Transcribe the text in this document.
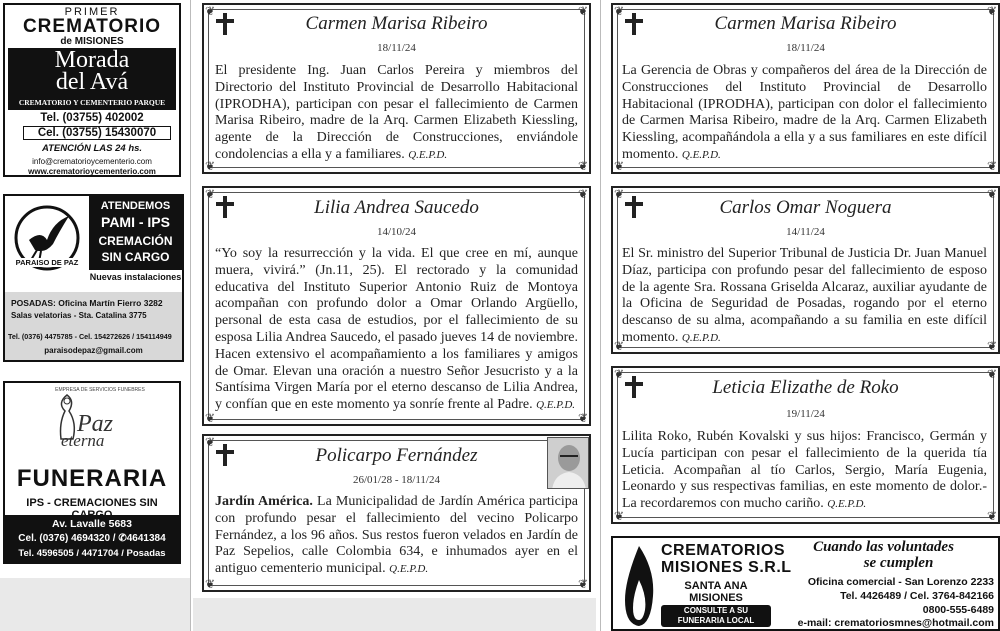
PRIMER
CREMATORIO
de MISIONES
Morada
del Avá
CREMATORIO Y CEMENTERIO PARQUE
Tel. (03755) 402002
Cel. (03755) 15430070
ATENCIÓN LAS 24 hs.
info@crematorioycementerio.com
www.crematorioycementerio.com
PARAISO DE PAZ
ATENDEMOS
PAMI - IPS
CREMACIÓN
SIN CARGO
Nuevas instalaciones
POSADAS: Oficina Martín Fierro 3282
Salas velatorias - Sta. Catalina 3775
Tel. (0376) 4475785 - Cel. 154272626 / 154114949
paraisodepaz@gmail.com
EMPRESA DE SERVICIOS FUNEBRES
Paz
eterna
FUNERARIA
IPS - CREMACIONES SIN
Av. Lavalle 5683
Cel. (0376) 4694320 / ✆4641384
Tel. 4596505 / 4471704 / Posadas
❦	❦
❦	❦
Carmen Marisa Ribeiro
18/11/24
El presidente Ing. Juan Carlos Pereira y miembros del Directorio del Instituto Provincial de Desarrollo Habitacional (IPRODHA), participan con pesar el fallecimiento de Carmen Marisa Ribeiro, madre de la Arq. Carmen Elizabeth Kiessling, agente de la Dirección de Construcciones, enviándole condolencias a ella y a familiares. Q.E.P.D.
❦	❦
❦	❦
Lilia Andrea Saucedo
14/10/24
“Yo soy la resurrección y la vida. El que cree en mí, aunque muera, vivirá.” (Jn.11, 25). El rectorado y la comunidad educativa del Instituto Superior Antonio Ruiz de Montoya acompañan con profundo dolor a Omar Orlando Argüello, personal de esta casa de estudios, por el fallecimiento de su esposa Lilia Andrea Saucedo, el pasado jueves 14 de noviembre. Hacen extensivo el acompañamiento a los familiares y amigos de Omar. Elevan una oración a nuestro Señor Jesucristo y a la Santísima Virgen María por el eterno descanso de Lilia Andrea, y confían que en este momento ya sonríe frente al Padre. Q.E.P.D.
❦
❦	❦
Policarpo Fernández
26/01/28 - 18/11/24
Jardín América. La Municipalidad de Jardín América participa con profundo pesar el fallecimiento del vecino Policarpo Fernández, a los 96 años. Sus restos fueron velados en Jardín de Paz Sepelios, calle Colombia 634, e inhumados ayer en el antiguo cementerio municipal. Q.E.P.D.
❦	❦
❦	❦
Carmen Marisa Ribeiro
18/11/24
La Gerencia de Obras y compañeros del área de la Dirección de Construcciones del Instituto Provincial de Desarrollo Habitacional (IPRODHA), participan con dolor el fallecimiento de Carmen Marisa Ribeiro, madre de la Arq. Carmen Elizabeth Kiessling, acompañándola a ella y a sus familiares en este difícil momento. Q.E.P.D.
❦	❦
❦	❦
Carlos Omar Noguera
14/11/24
El Sr. ministro del Superior Tribunal de Justicia Dr. Juan Manuel Díaz, participa con profundo pesar del fallecimiento de esposo de la agente Sra. Rossana Griselda Alcaraz, auxiliar ayudante de la Oficina de Seguridad de Posadas, rogando por el eterno descanso de su alma, acompañando a su familia en este difícil momento. Q.E.P.D.
❦	❦
❦	❦
Leticia Elizathe de Roko
19/11/24
Lilita Roko, Rubén Kovalski y sus hijos: Francisco, Germán y Lucía participan con pesar el fallecimiento de la querida tía Leticia. Acompañan al tío Carlos, Sergio, María Eugenia, Leonardo y sus respectivas familias, en este momento de dolor.- La recordaremos con mucho cariño. Q.E.P.D.
CREMATORIOS
MISIONES S.R.L
SANTA ANA
MISIONES
CONSULTE A SU
FUNERARIA LOCAL
Cuando las voluntades
se cumplen
Oficina comercial - San Lorenzo 2233
Tel. 4426489 / Cel. 3764-842166
0800-555-6489
e-mail: crematoriosmnes@hotmail.com
